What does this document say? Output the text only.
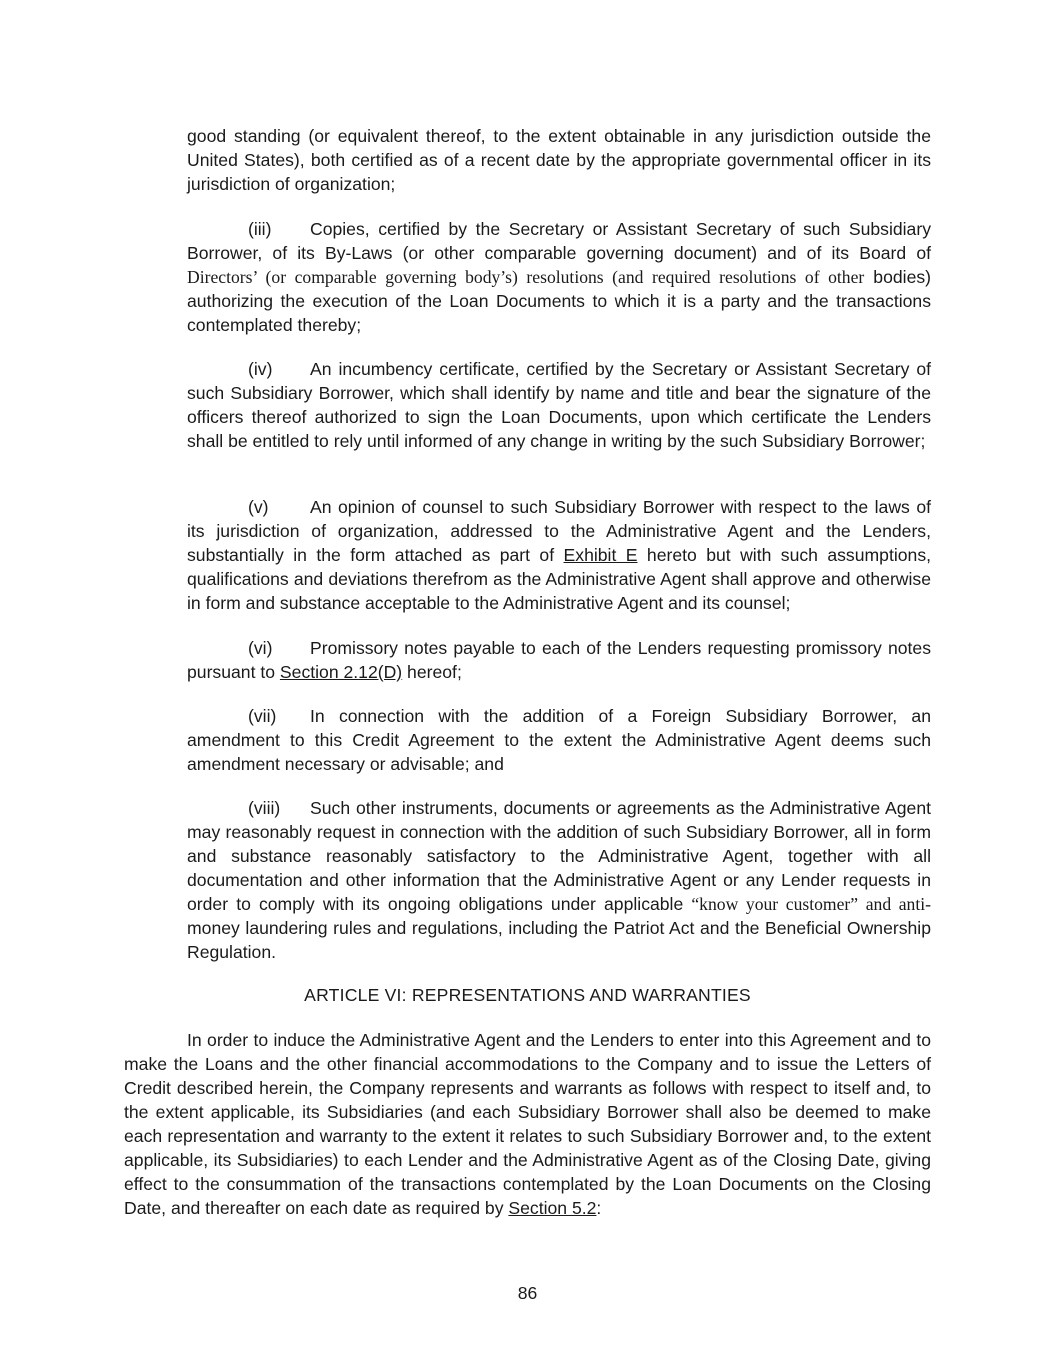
good standing (or equivalent thereof, to the extent obtainable in any jurisdiction outside the United States), both certified as of a recent date by the appropriate governmental officer in its jurisdiction of organization;

(iii) Copies, certified by the Secretary or Assistant Secretary of such Subsidiary Borrower, of its By-Laws (or other comparable governing document) and of its Board of Directors’ (or comparable governing body’s) resolutions (and required resolutions of other bodies) authorizing the execution of the Loan Documents to which it is a party and the transactions contemplated thereby;

(iv) An incumbency certificate, certified by the Secretary or Assistant Secretary of such Subsidiary Borrower, which shall identify by name and title and bear the signature of the officers thereof authorized to sign the Loan Documents, upon which certificate the Lenders shall be entitled to rely until informed of any change in writing by the such Subsidiary Borrower;

(v) An opinion of counsel to such Subsidiary Borrower with respect to the laws of its jurisdiction of organization, addressed to the Administrative Agent and the Lenders, substantially in the form attached as part of Exhibit E hereto but with such assumptions, qualifications and deviations therefrom as the Administrative Agent shall approve and otherwise in form and substance acceptable to the Administrative Agent and its counsel;

(vi) Promissory notes payable to each of the Lenders requesting promissory notes pursuant to Section 2.12(D) hereof;

(vii) In connection with the addition of a Foreign Subsidiary Borrower, an amendment to this Credit Agreement to the extent the Administrative Agent deems such amendment necessary or advisable; and

(viii) Such other instruments, documents or agreements as the Administrative Agent may reasonably request in connection with the addition of such Subsidiary Borrower, all in form and substance reasonably satisfactory to the Administrative Agent, together with all documentation and other information that the Administrative Agent or any Lender requests in order to comply with its ongoing obligations under applicable “know your customer” and anti-money laundering rules and regulations, including the Patriot Act and the Beneficial Ownership Regulation.

ARTICLE VI: REPRESENTATIONS AND WARRANTIES

In order to induce the Administrative Agent and the Lenders to enter into this Agreement and to make the Loans and the other financial accommodations to the Company and to issue the Letters of Credit described herein, the Company represents and warrants as follows with respect to itself and, to the extent applicable, its Subsidiaries (and each Subsidiary Borrower shall also be deemed to make each representation and warranty to the extent it relates to such Subsidiary Borrower and, to the extent applicable, its Subsidiaries) to each Lender and the Administrative Agent as of the Closing Date, giving effect to the consummation of the transactions contemplated by the Loan Documents on the Closing Date, and thereafter on each date as required by Section 5.2:

86
